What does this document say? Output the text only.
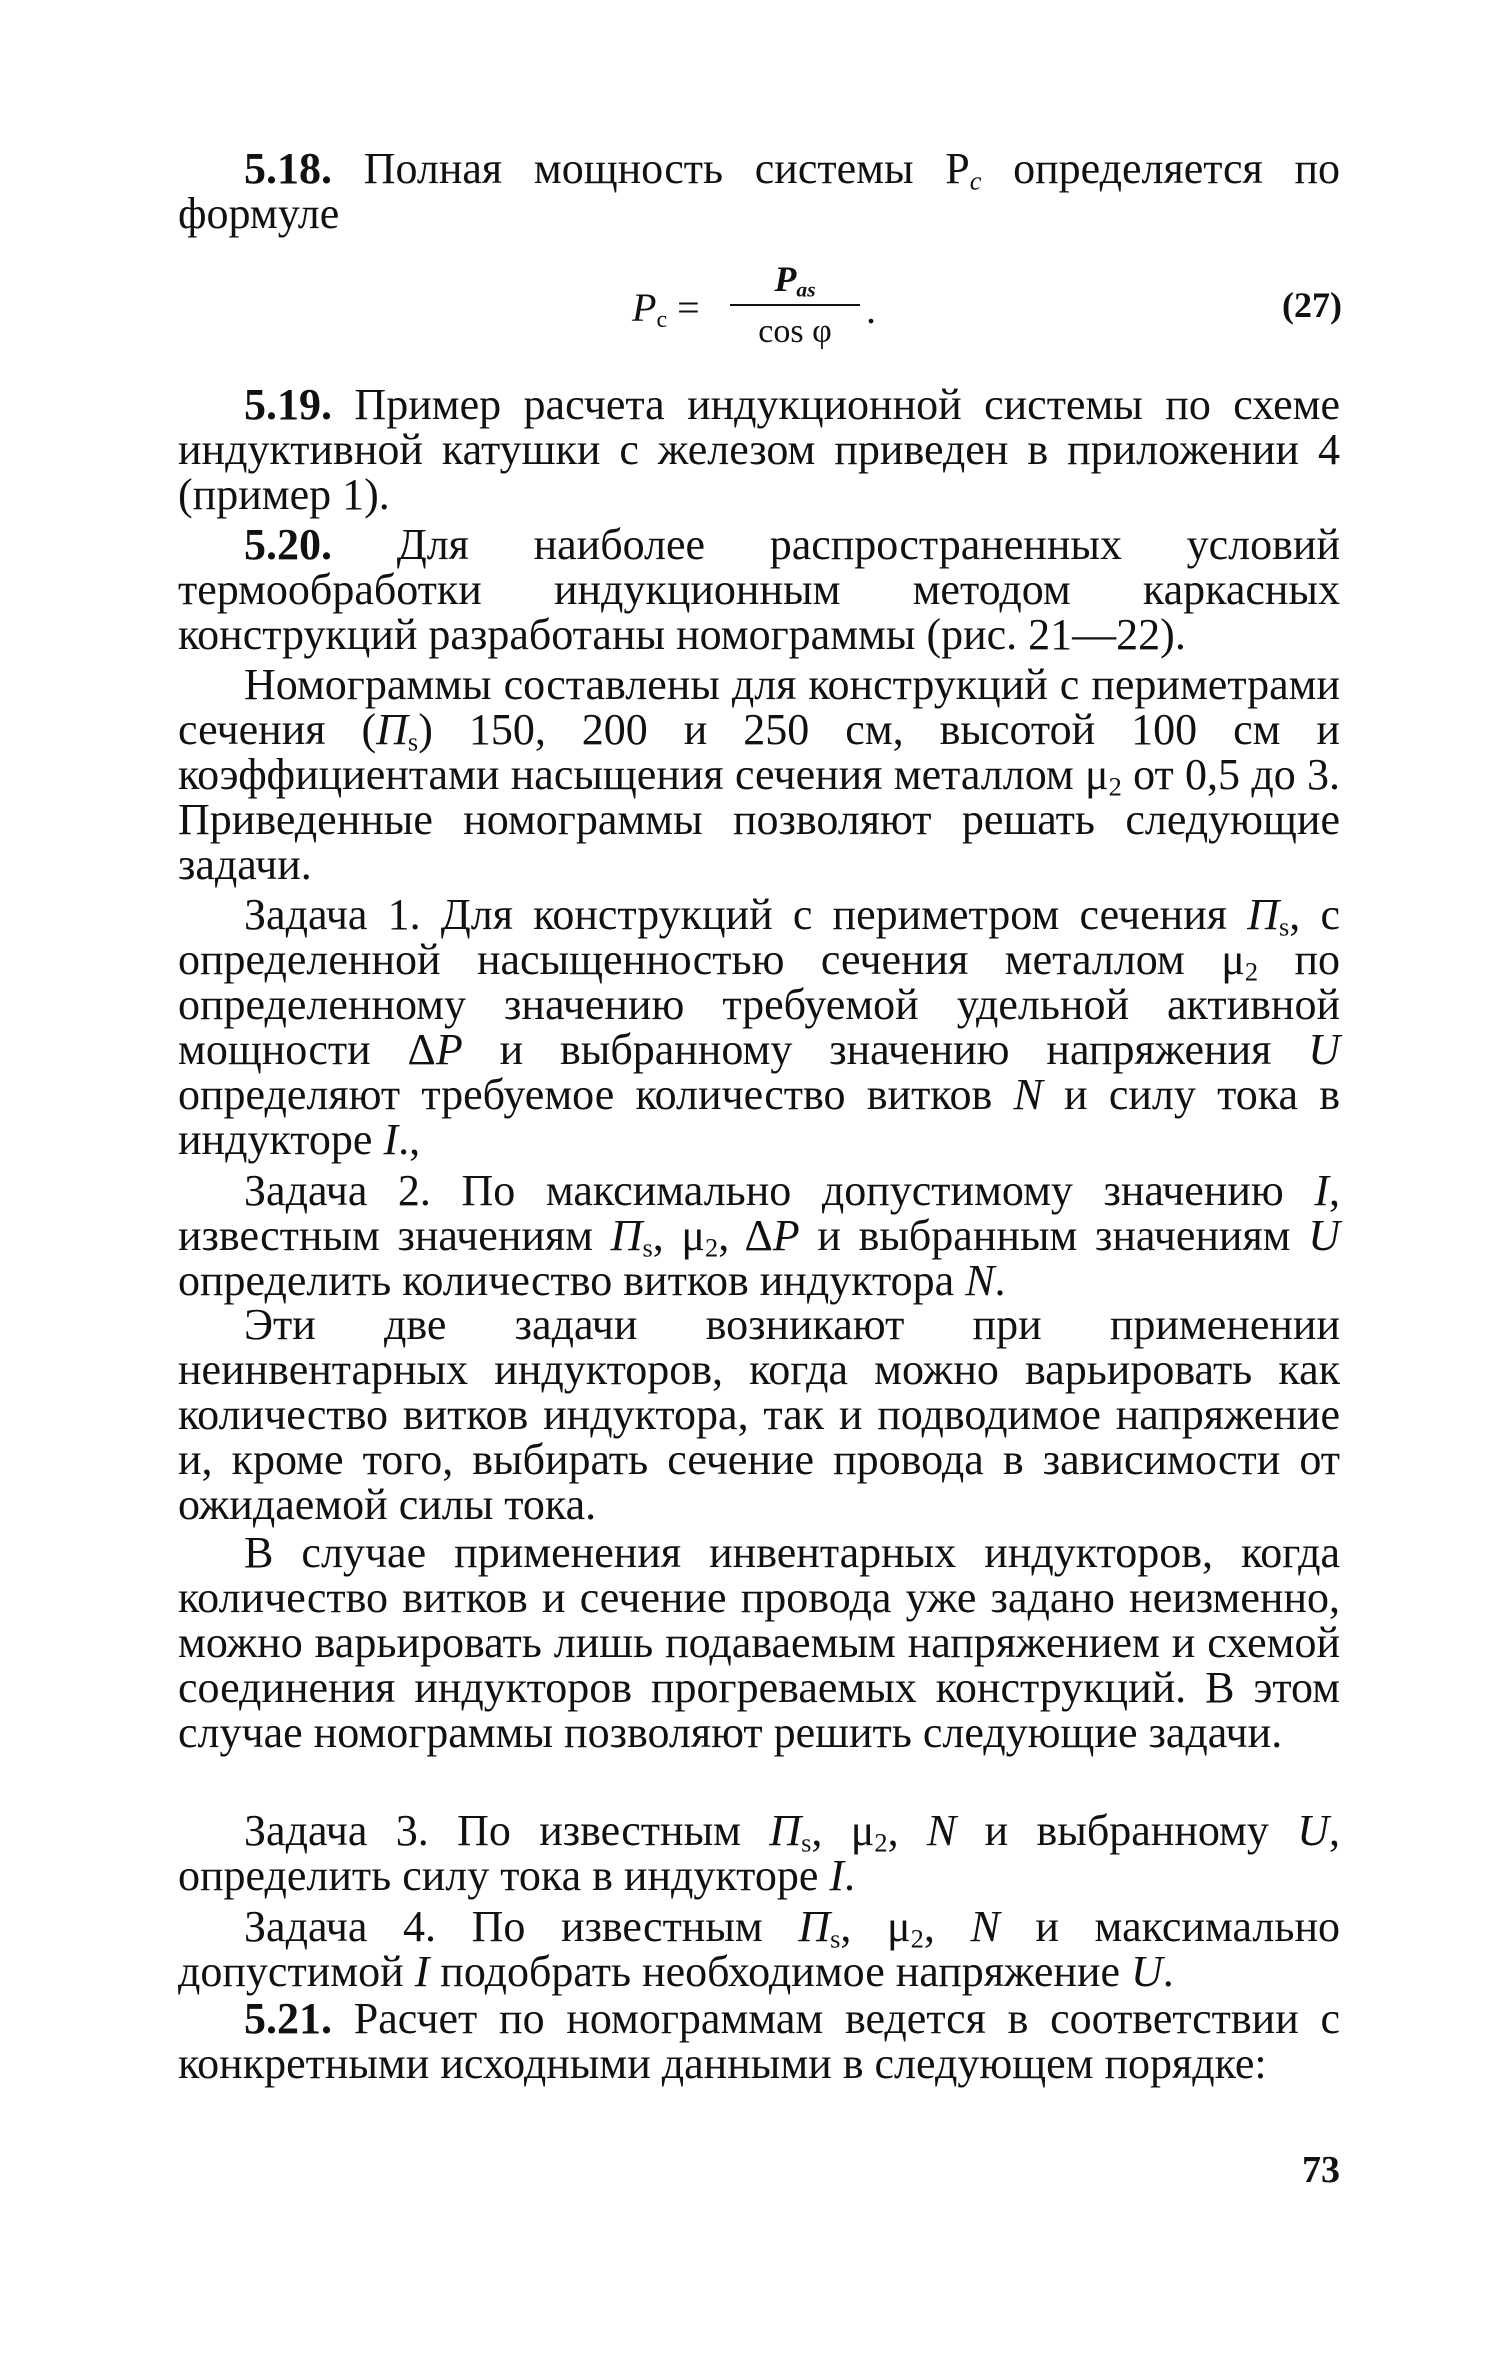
5.18. Полная мощность системы $P_c$ определяется по формуле

$P_c$ =
$P_{as}$
cos φ .	(27)

5.19. Пример расчета индукционной системы по схеме индуктивной катушки с железом приведен в приложении 4 (пример 1).

5.20. Для наиболее распространенных условий термообработки индукционным методом каркасных конструкций разработаны номограммы (рис. 21—22).

Номограммы составлены для конструкций с периметрами сечения $(П_s)$ 150, 200 и 250 см, высотой 100 см и коэффициентами насыщения сечения металлом $\mu_2$ от 0,5 до 3. Приведенные номограммы позволяют решать следующие задачи.

Задача 1. Для конструкций с периметром сечения $П_s$, с определенной насыщенностью сечения металлом $\mu_2$ по определенному значению требуемой удельной активной мощности ΔP и выбранному значению напряжения U определяют требуемое количество витков N и силу тока в индукторе I.,

Задача 2. По максимально допустимому значению I, известным значениям $П_s$, $\mu_2$, ΔP и выбранным значениям U определить количество витков индуктора N.

Эти две задачи возникают при применении неинвентарных индукторов, когда можно варьировать как количество витков индуктора, так и подводимое напряжение и, кроме того, выбирать сечение провода в зависимости от ожидаемой силы тока.

В случае применения инвентарных индукторов, когда количество витков и сечение провода уже задано неизменно, можно варьировать лишь подаваемым напряжением и схемой соединения индукторов прогреваемых конструкций. В этом случае номограммы позволяют решить следующие задачи.

Задача 3. По известным $П_s$, $\mu_2$, N и выбранному U, определить силу тока в индукторе I.

Задача 4. По известным $П_s$, $\mu_2$, N и максимально допустимой I подобрать необходимое напряжение U.

5.21. Расчет по номограммам ведется в соответствии с конкретными исходными данными в следующем порядке:

73
